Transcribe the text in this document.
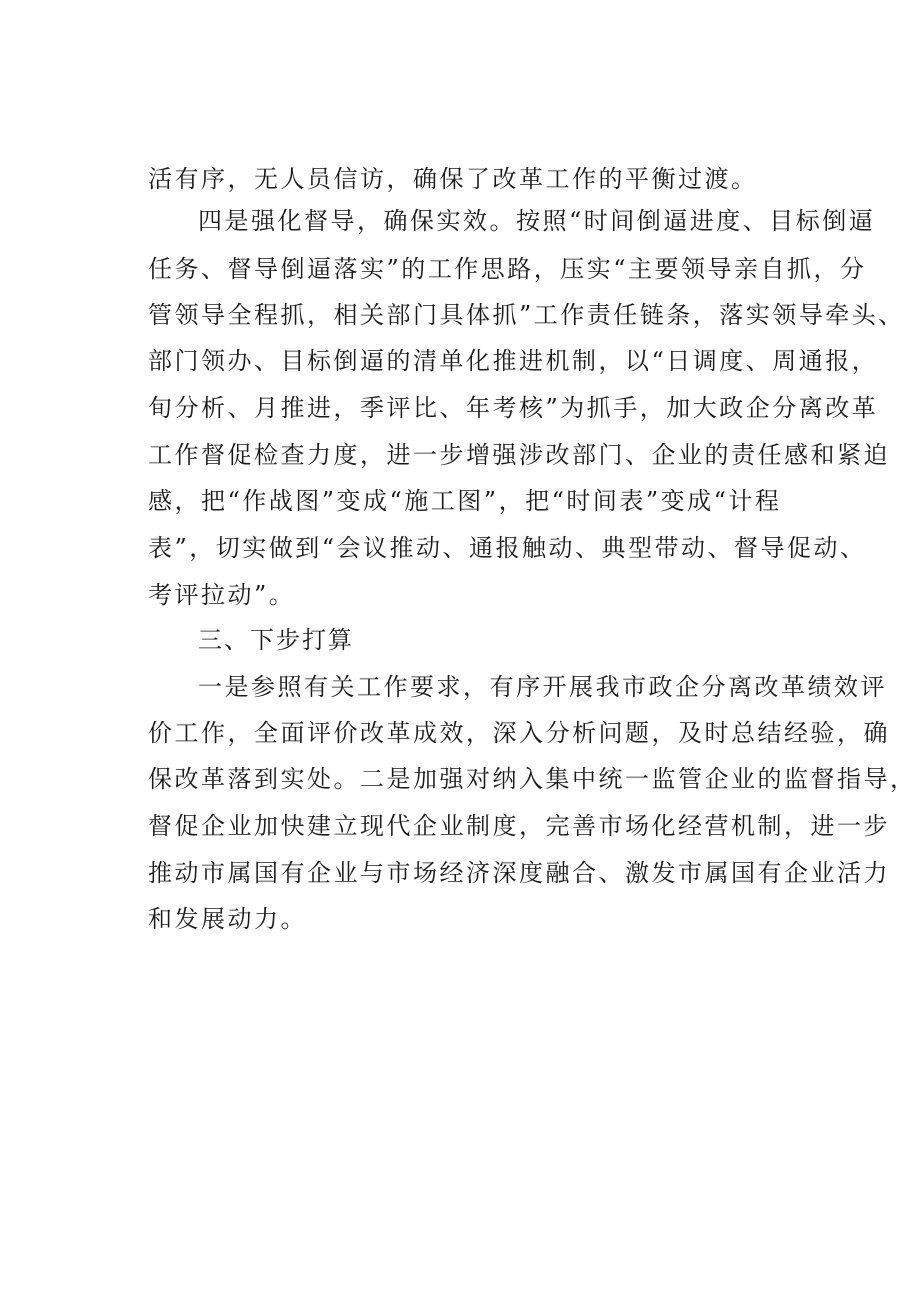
活有序，无人员信访，确保了改革工作的平衡过渡。
四是强化督导，确保实效。按照“时间倒逼进度、目标倒逼
任务、督导倒逼落实”的工作思路，压实“主要领导亲自抓，分
管领导全程抓，相关部门具体抓”工作责任链条，落实领导牵头、
部门领办、目标倒逼的清单化推进机制，以“日调度、周通报，
旬分析、月推进，季评比、年考核”为抓手，加大政企分离改革
工作督促检查力度，进一步增强涉改部门、企业的责任感和紧迫
感，把“作战图”变成“施工图”，把“时间表”变成“计程
表”，切实做到“会议推动、通报触动、典型带动、督导促动、
考评拉动”。
三、下步打算
一是参照有关工作要求，有序开展我市政企分离改革绩效评
价工作，全面评价改革成效，深入分析问题，及时总结经验，确
保改革落到实处。二是加强对纳入集中统一监管企业的监督指导，
督促企业加快建立现代企业制度，完善市场化经营机制，进一步
推动市属国有企业与市场经济深度融合、激发市属国有企业活力
和发展动力。
